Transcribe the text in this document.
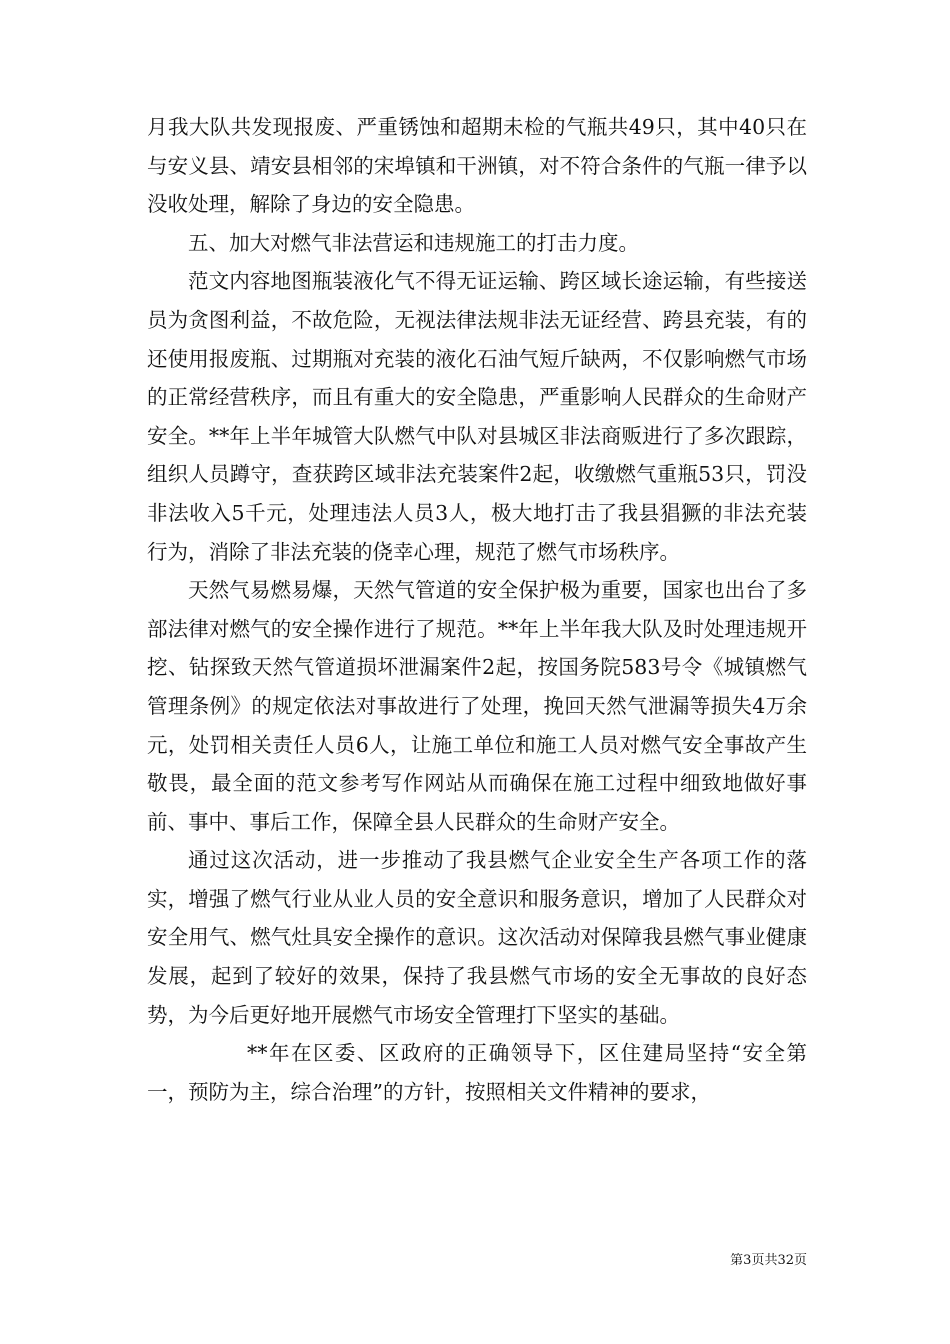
月我大队共发现报废、严重锈蚀和超期未检的气瓶共49只，其中40只在与安义县、靖安县相邻的宋埠镇和干洲镇，对不符合条件的气瓶一律予以没收处理，解除了身边的安全隐患。

五、加大对燃气非法营运和违规施工的打击力度。

范文内容地图瓶装液化气不得无证运输、跨区域长途运输，有些接送员为贪图利益，不故危险，无视法律法规非法无证经营、跨县充装，有的还使用报废瓶、过期瓶对充装的液化石油气短斤缺两，不仅影响燃气市场的正常经营秩序，而且有重大的安全隐患，严重影响人民群众的生命财产安全。**年上半年城管大队燃气中队对县城区非法商贩进行了多次跟踪，组织人员蹲守，查获跨区域非法充装案件2起，收缴燃气重瓶53只，罚没非法收入5千元，处理违法人员3人，极大地打击了我县猖獗的非法充装行为，消除了非法充装的侥幸心理，规范了燃气市场秩序。

天然气易燃易爆，天然气管道的安全保护极为重要，国家也出台了多部法律对燃气的安全操作进行了规范。**年上半年我大队及时处理违规开挖、钻探致天然气管道损坏泄漏案件2起，按国务院583号令《城镇燃气管理条例》的规定依法对事故进行了处理，挽回天然气泄漏等损失4万余元，处罚相关责任人员6人，让施工单位和施工人员对燃气安全事故产生敬畏，最全面的范文参考写作网站从而确保在施工过程中细致地做好事前、事中、事后工作，保障全县人民群众的生命财产安全。

通过这次活动，进一步推动了我县燃气企业安全生产各项工作的落实，增强了燃气行业从业人员的安全意识和服务意识，增加了人民群众对安全用气、燃气灶具安全操作的意识。这次活动对保障我县燃气事业健康发展，起到了较好的效果，保持了我县燃气市场的安全无事故的良好态势，为今后更好地开展燃气市场安全管理打下坚实的基础。

**年在区委、区政府的正确领导下，区住建局坚持“安全第一，预防为主，综合治理”的方针，按照相关文件精神的要求，

第3页共32页
